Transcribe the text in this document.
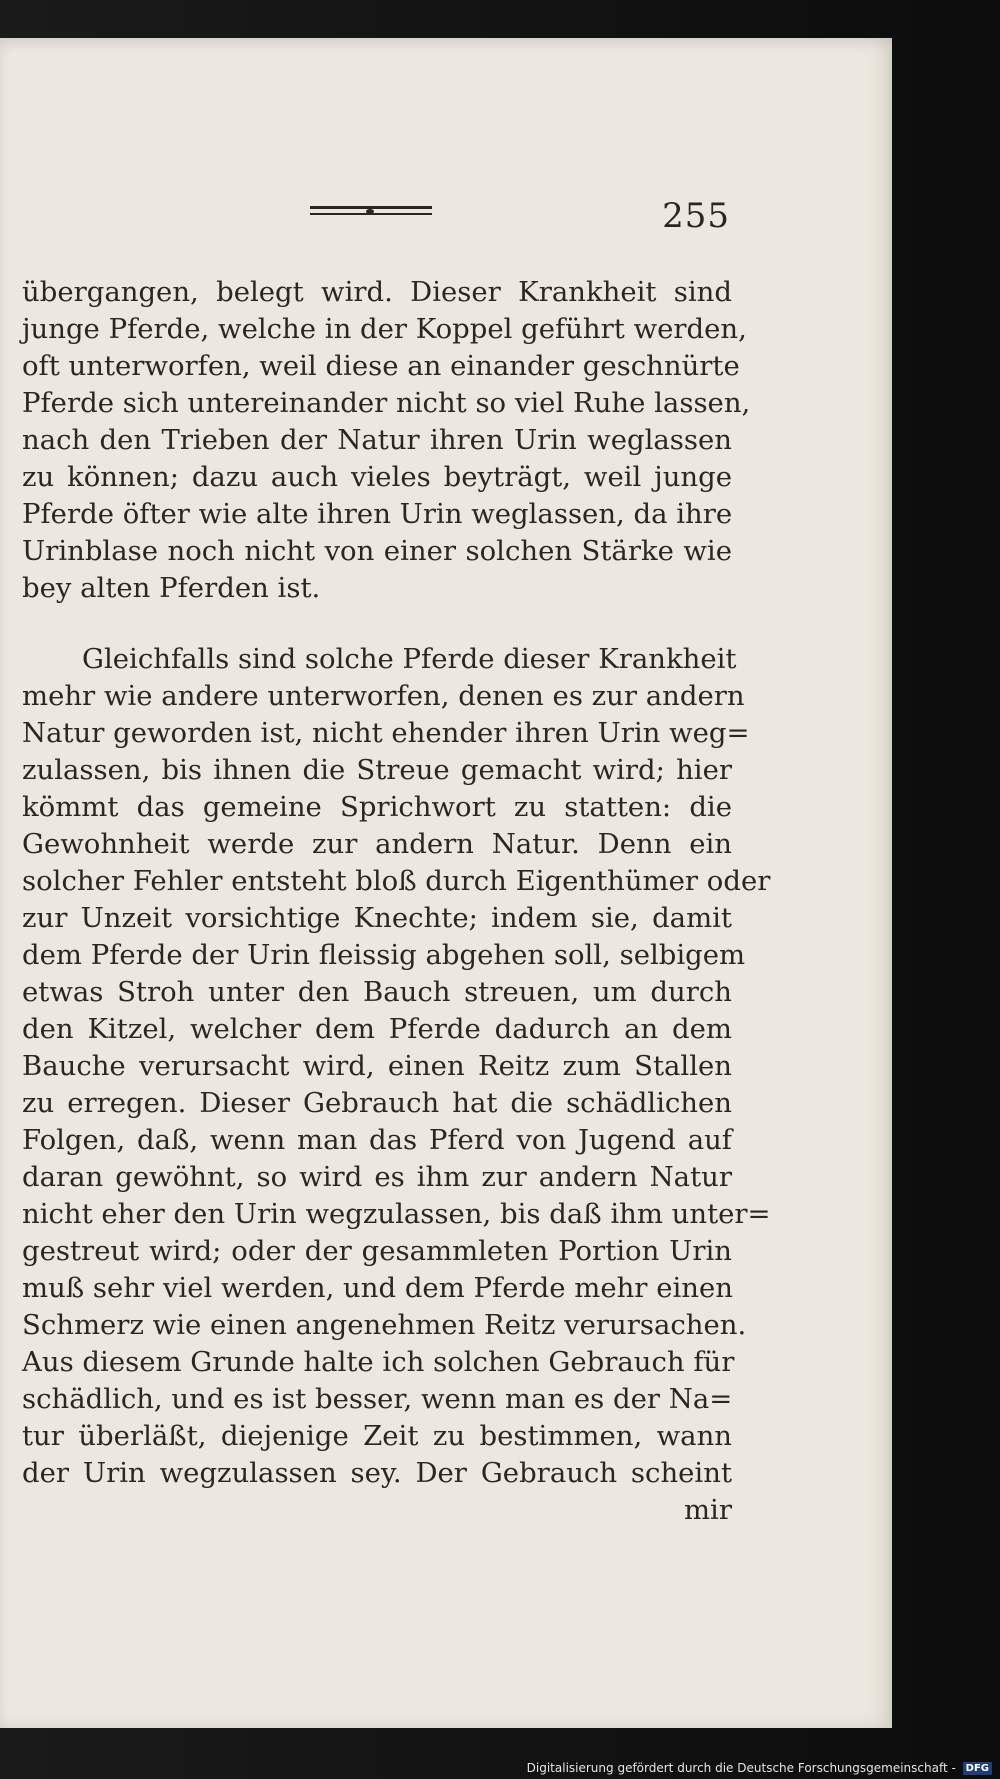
255
übergangen, belegt wird. Dieser Krankheit sind
junge Pferde, welche in der Koppel geführt werden,
oft unterworfen, weil diese an einander geschnürte
Pferde sich untereinander nicht so viel Ruhe lassen,
nach den Trieben der Natur ihren Urin weglassen
zu können; dazu auch vieles beyträgt, weil junge
Pferde öfter wie alte ihren Urin weglassen, da ihre
Urinblase noch nicht von einer solchen Stärke wie
bey alten Pferden ist.
Gleichfalls sind solche Pferde dieser Krankheit
mehr wie andere unterworfen, denen es zur andern
Natur geworden ist, nicht ehender ihren Urin weg=
zulassen, bis ihnen die Streue gemacht wird; hier
kömmt das gemeine Sprichwort zu statten: die
Gewohnheit werde zur andern Natur. Denn ein
solcher Fehler entsteht bloß durch Eigenthümer oder
zur Unzeit vorsichtige Knechte; indem sie, damit
dem Pferde der Urin fleissig abgehen soll, selbigem
etwas Stroh unter den Bauch streuen, um durch
den Kitzel, welcher dem Pferde dadurch an dem
Bauche verursacht wird, einen Reitz zum Stallen
zu erregen. Dieser Gebrauch hat die schädlichen
Folgen, daß, wenn man das Pferd von Jugend auf
daran gewöhnt, so wird es ihm zur andern Natur
nicht eher den Urin wegzulassen, bis daß ihm unter=
gestreut wird; oder der gesammleten Portion Urin
muß sehr viel werden, und dem Pferde mehr einen
Schmerz wie einen angenehmen Reitz verursachen.
Aus diesem Grunde halte ich solchen Gebrauch für
schädlich, und es ist besser, wenn man es der Na=
tur überläßt, diejenige Zeit zu bestimmen, wann
der Urin wegzulassen sey. Der Gebrauch scheint
mir
Digitalisierung gefördert durch die Deutsche Forschungsgemeinschaft - DFG
